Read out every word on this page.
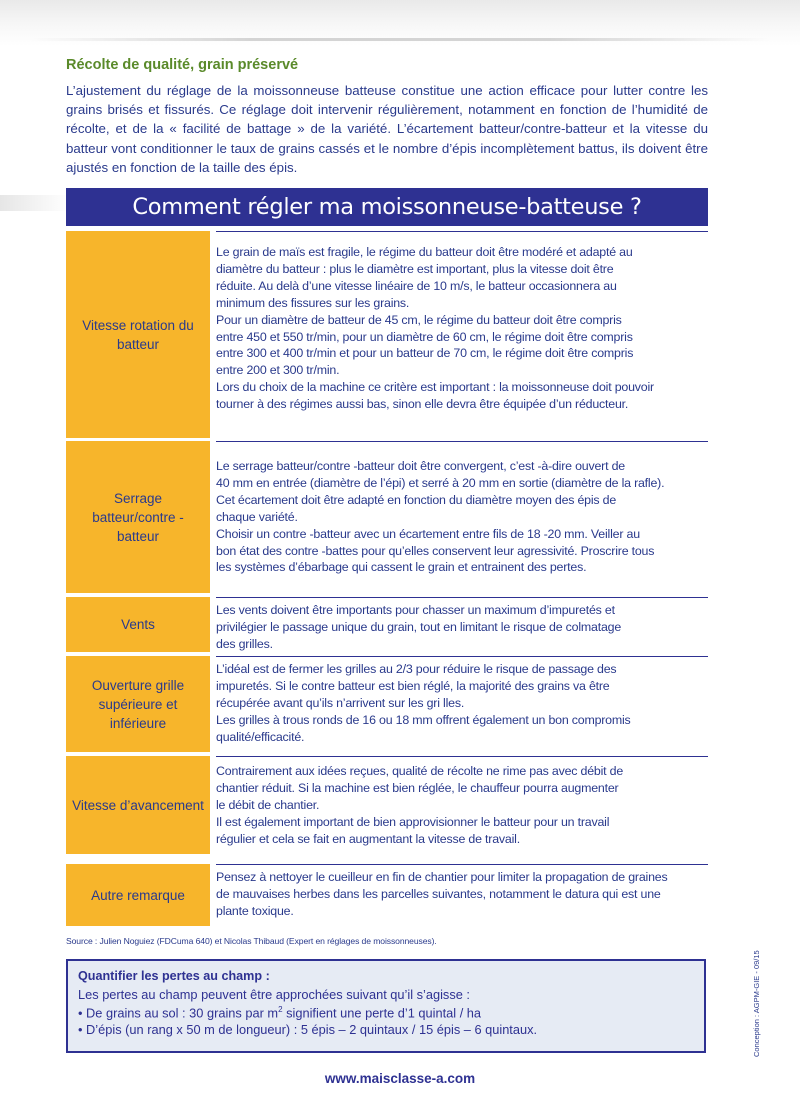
Récolte de qualité, grain préservé

L’ajustement du réglage de la moissonneuse batteuse constitue une action efficace pour lutter contre les grains brisés et fissurés. Ce réglage doit intervenir régulièrement, notamment en fonction de l’humidité de récolte, et de la « facilité de battage » de la variété. L’écartement batteur/contre-batteur et la vitesse du batteur vont conditionner le taux de grains cassés et le nombre d’épis incomplètement battus, ils doivent être ajustés en fonction de la taille des épis.

Comment régler ma moissonneuse-batteuse ?
Vitesse rotation du batteur

Le grain de maïs est fragile, le régime du batteur doit être modéré et adapté au

diamètre du batteur : plus le diamètre est important, plus la vitesse doit être

réduite. Au delà d’une vitesse linéaire de 10 m/s, le batteur occasionnera au

minimum des fissures sur les grains.

Pour un diamètre de batteur de 45 cm, le régime du batteur doit être compris

entre 450 et 550 tr/min, pour un diamètre de 60 cm, le régime doit être compris

entre 300 et 400 tr/min et pour un batteur de 70 cm, le régime doit être compris

entre 200 et 300 tr/min.

Lors du choix de la machine ce critère est important : la moissonneuse doit pouvoir

tourner à des régimes aussi bas, sinon elle devra être équipée d’un réducteur.

Serrage batteur/contre - batteur

Le serrage batteur/contre -batteur doit être convergent, c’est -à-dire ouvert de

40 mm en entrée (diamètre de l’épi) et serré à 20 mm en sortie (diamètre de la rafle).

Cet écartement doit être adapté en fonction du diamètre moyen des épis de

chaque variété.

Choisir un contre -batteur avec un écartement entre fils de 18 -20 mm. Veiller au

bon état des contre -battes pour qu’elles conservent leur agressivité. Proscrire tous

les systèmes d’ébarbage qui cassent le grain et entrainent des pertes.

Vents

Les vents doivent être importants pour chasser un maximum d’impuretés et

privilégier le passage unique du grain, tout en limitant le risque de colmatage

des grilles.

Ouverture grille supérieure et inférieure

L’idéal est de fermer les grilles au 2/3 pour réduire le risque de passage des

impuretés. Si le contre batteur est bien réglé, la majorité des grains va être

récupérée avant qu’ils n’arrivent sur les gri lles.

Les grilles à trous ronds de 16 ou 18 mm offrent également un bon compromis

qualité/efficacité.

Vitesse d’avancement

Contrairement aux idées reçues, qualité de récolte ne rime pas avec débit de

chantier réduit. Si la machine est bien réglée, le chauffeur pourra augmenter

le débit de chantier.

Il est également important de bien approvisionner le batteur pour un travail

régulier et cela se fait en augmentant la vitesse de travail.

Autre remarque

Pensez à nettoyer le cueilleur en fin de chantier pour limiter la propagation de graines

de mauvaises herbes dans les parcelles suivantes, notamment le datura qui est une

plante toxique.

Source : Julien Noguiez (FDCuma 640) et Nicolas Thibaud (Expert en réglages de moissonneuses).
Quantifier les pertes au champ :

Les pertes au champ peuvent être approchées suivant qu’il s’agisse :

• De grains au sol : 30 grains par $m^2$ signifient une perte d’1 quintal / ha
• D’épis (un rang x 50 m de longueur) : 5 épis – 2 quintaux / 15 épis – 6 quintaux.
www.maisclasse-a.com
Conception : AGPM-GIE - 09/15
